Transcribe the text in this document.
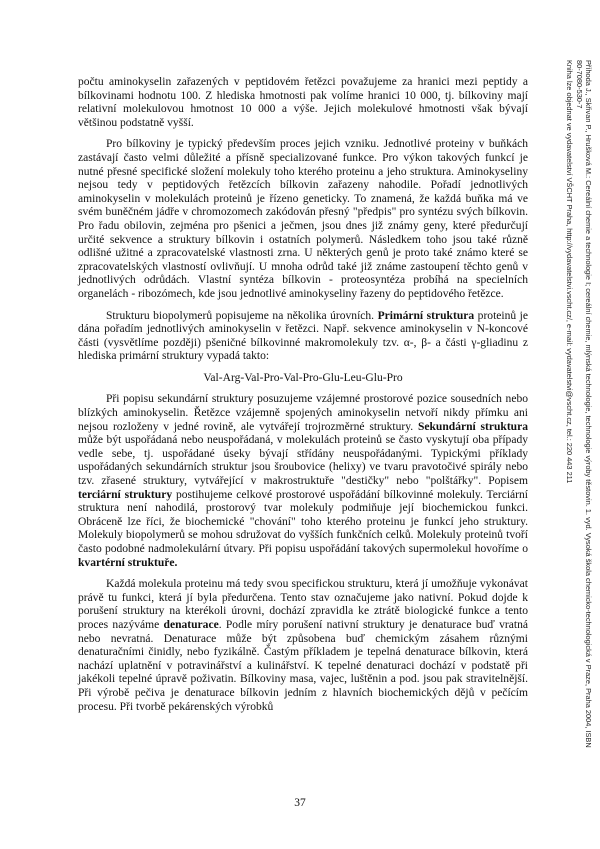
počtu aminokyselin zařazených v peptidovém řetězci považujeme za hranici mezi peptidy a bílkovinami hodnotu 100. Z hlediska hmotnosti pak volíme hranici 10 000, tj. bílkoviny mají relativní molekulovou hmotnost 10 000 a výše. Jejich molekulové hmotnosti však bývají většinou podstatně vyšší.

Pro bílkoviny je typický především proces jejich vzniku. Jednotlivé proteiny v buňkách zastávají často velmi důležité a přísně specializované funkce. Pro výkon takových funkcí je nutné přesné specifické složení molekuly toho kterého proteinu a jeho struktura. Aminokyseliny nejsou tedy v peptidových řetězcích bílkovin zařazeny nahodile. Pořadí jednotlivých aminokyselin v molekulách proteinů je řízeno geneticky. To znamená, že každá buňka má ve svém buněčném jádře v chromozomech zakódován přesný "předpis" pro syntézu svých bílkovin. Pro řadu obilovin, zejména pro pšenici a ječmen, jsou dnes již známy geny, které předurčují určité sekvence a struktury bílkovin i ostatních polymerů. Následkem toho jsou také různě odlišné užitné a zpracovatelské vlastnosti zrna. U některých genů je proto také známo které se zpracovatelských vlastností ovlivňují. U mnoha odrůd také již známe zastoupení těchto genů v jednotlivých odrůdách. Vlastní syntéza bílkovin - proteosyntéza probíhá na specielních organelách - ribozómech, kde jsou jednotlivé aminokyseliny řazeny do peptidového řetězce.

Strukturu biopolymerů popisujeme na několika úrovních. Primární struktura proteinů je dána pořadím jednotlivých aminokyselin v řetězci. Např. sekvence aminokyselin v N-koncové části (vysvětlíme později) pšeničné bílkovinné makromolekuly tzv. α-, β- a části γ-gliadinu z hlediska primární struktury vypadá takto:

Val-Arg-Val-Pro-Val-Pro-Glu-Leu-Glu-Pro

Při popisu sekundární struktury posuzujeme vzájemné prostorové pozice sousedních nebo blízkých aminokyselin. Řetězce vzájemně spojených aminokyselin netvoří nikdy přímku ani nejsou rozloženy v jedné rovině, ale vytvářejí trojrozměrné struktury. Sekundární struktura může být uspořádaná nebo neuspořádaná, v molekulách proteinů se často vyskytují oba případy vedle sebe, tj. uspořádané úseky bývají střídány neuspořádanými. Typickými příklady uspořádaných sekundárních struktur jsou šroubovice (helixy) ve tvaru pravotočivé spirály nebo tzv. zřasené struktury, vytvářející v makrostruktuře "destičky" nebo "polštářky". Popisem terciární struktury postihujeme celkové prostorové uspořádání bílkovinné molekuly. Terciární struktura není nahodilá, prostorový tvar molekuly podmiňuje její biochemickou funkci. Obráceně lze říci, že biochemické "chování" toho kterého proteinu je funkcí jeho struktury. Molekuly biopolymerů se mohou sdružovat do vyšších funkčních celků. Molekuly proteinů tvoří často podobné nadmolekulární útvary. Při popisu uspořádání takových supermolekul hovoříme o kvartérní struktuře.

Každá molekula proteinu má tedy svou specifickou strukturu, která jí umožňuje vykonávat právě tu funkci, která jí byla předurčena. Tento stav označujeme jako nativní. Pokud dojde k porušení struktury na kterékoli úrovni, dochází zpravidla ke ztrátě biologické funkce a tento proces nazýváme denaturace. Podle míry porušení nativní struktury je denaturace buď vratná nebo nevratná. Denaturace může být způsobena buď chemickým zásahem různými denaturačními činidly, nebo fyzikálně. Častým příkladem je tepelná denaturace bílkovin, která nachází uplatnění v potravinářství a kulinářství. K tepelné denaturaci dochází v podstatě při jakékoli tepelné úpravě poživatin. Bílkoviny masa, vajec, luštěnin a pod. jsou pak stravitelnější. Při výrobě pečiva je denaturace bílkovin jedním z hlavních biochemických dějů v pečícím procesu. Při tvorbě pekárenských výrobků

37
Příhoda J., Skřivan P., Hrušková M.: Cereální chemie a technologie I; cereální chemie, mlýnská technologie, technologie výroby těstovin. 1. vyd. Vysoká škola chemicko-technologická v Praze, Praha 2004, ISBN
80-7080-530-7
Kniha lze objednat ve vydavatelství VŠCHT Praha, http://vydavatelstvi.vscht.cz/, e-mail: vydavatelstvi@vscht.cz, tel.: 220 443 211
